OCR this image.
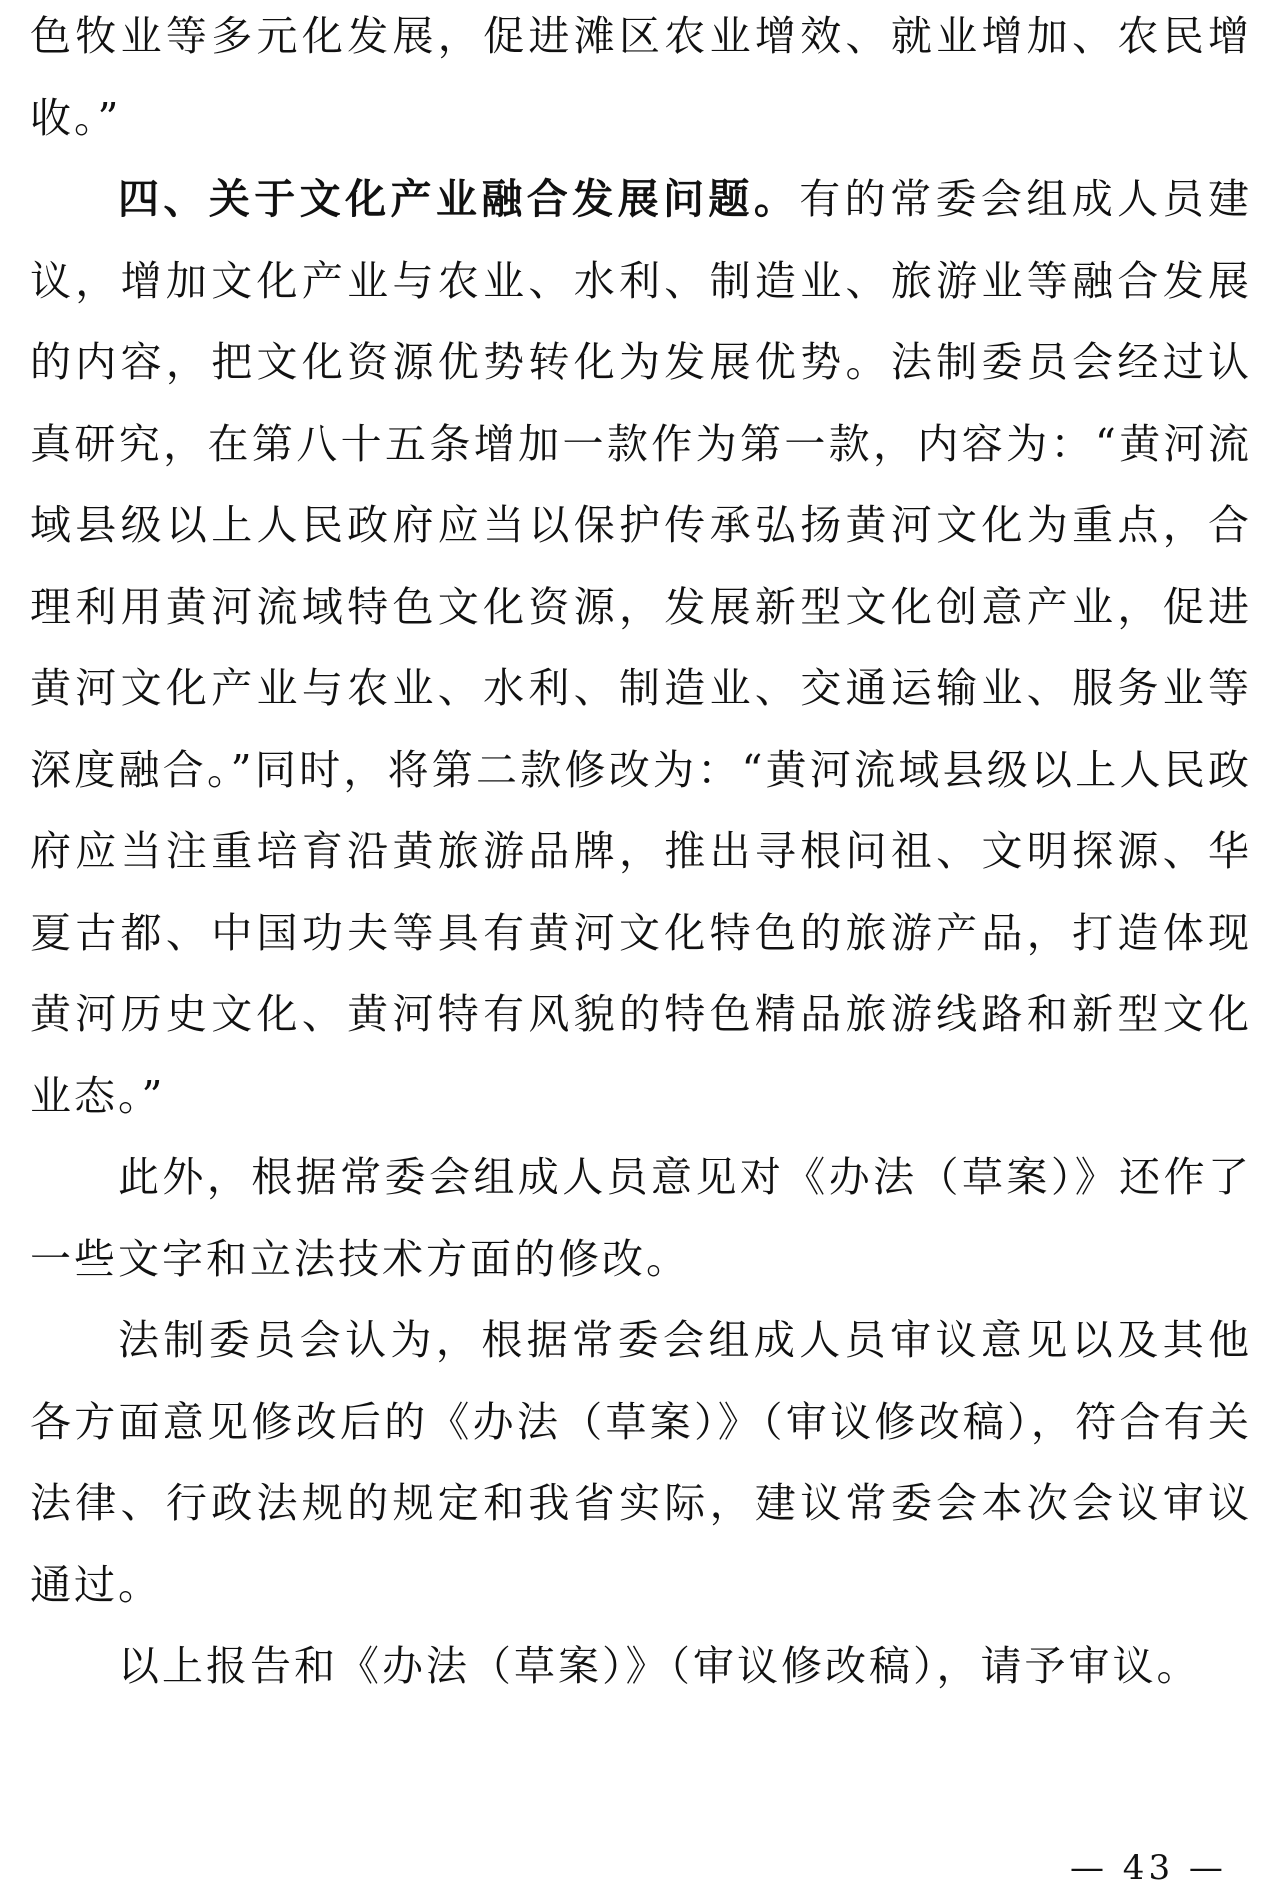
色牧业等多元化发展，促进滩区农业增效、就业增加、农民增收。”

四、关于文化产业融合发展问题。有的常委会组成人员建议，增加文化产业与农业、水利、制造业、旅游业等融合发展的内容，把文化资源优势转化为发展优势。法制委员会经过认真研究，在第八十五条增加一款作为第一款，内容为：“黄河流域县级以上人民政府应当以保护传承弘扬黄河文化为重点，合理利用黄河流域特色文化资源，发展新型文化创意产业，促进黄河文化产业与农业、水利、制造业、交通运输业、服务业等深度融合。”同时，将第二款修改为：“黄河流域县级以上人民政府应当注重培育沿黄旅游品牌，推出寻根问祖、文明探源、华夏古都、中国功夫等具有黄河文化特色的旅游产品，打造体现黄河历史文化、黄河特有风貌的特色精品旅游线路和新型文化业态。”

此外，根据常委会组成人员意见对《办法（草案）》还作了一些文字和立法技术方面的修改。

法制委员会认为，根据常委会组成人员审议意见以及其他各方面意见修改后的《办法（草案）》（审议修改稿），符合有关法律、行政法规的规定和我省实际，建议常委会本次会议审议通过。

以上报告和《办法（草案）》（审议修改稿），请予审议。

— 43 —
